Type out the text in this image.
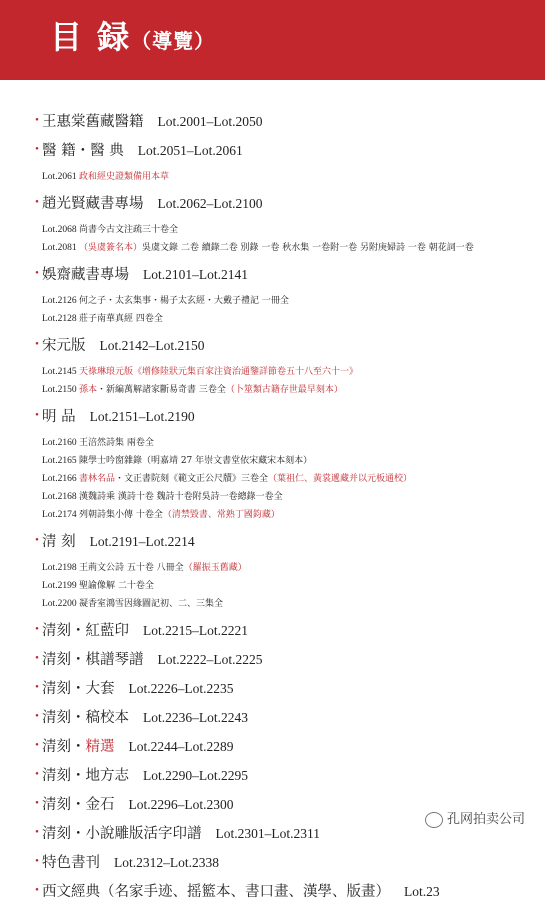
目 録（導覽）
・
王惠棠舊藏醫籍 Lot.2001–Lot.2050
・
醫 籍・醫 典 Lot.2051–Lot.2061
Lot.2061 政和經史證類備用本草
・
趙光賢藏書專場 Lot.2062–Lot.2100
Lot.2068 尚書今古文注疏三十卷全
Lot.2081 （吳虞簽名本）吳虞文錄 二卷 續錄二卷 別錄 一卷 秋水集 一卷附一卷 另附庚婦詩 一卷 朝花詞一卷
・
娛齋藏書專場 Lot.2101–Lot.2141
Lot.2126 何之子・太玄集事・楊子太玄經・大戴子禮記 一冊全
Lot.2128 莊子南華真經 四卷全
・
宋元版 Lot.2142–Lot.2150
Lot.2145 天祿琳琅元版《增修陸狀元集百家注資治通鑒詳節卷五十八至六十一》
Lot.2150 孫本・新編萬解諸家斷易奇書 三卷全（卜筮類古籍存世最早刻本）
・
明 品 Lot.2151–Lot.2190
Lot.2160 王涪然詩集 兩卷全
Lot.2165 陳學士吟窗雜錄（明嘉靖 27 年崇文書堂依宋藏宋本刻本）
Lot.2166 書林名品・文正書院刻《範文正公尺牘》三卷全（葉祖仁、黃裳遞藏并以元板通校）
Lot.2168 漢魏詩乘 漢詩十卷 魏詩十卷附吳詩一卷總錄一卷全
Lot.2174 列朝詩集小傳 十卷全（清禁毀書、常熟丁國鈞藏）
・
清 刻 Lot.2191–Lot.2214
Lot.2198 王荊文公詩 五十卷 八冊全（羅振玉舊藏）
Lot.2199 聖諭像解 二十卷全
Lot.2200 凝香室鴻雪因緣圖記初、二、三集全
・
清刻・紅藍印 Lot.2215–Lot.2221
・
清刻・棋譜琴譜 Lot.2222–Lot.2225
・
清刻・大套 Lot.2226–Lot.2235
・
清刻・稿校本 Lot.2236–Lot.2243
・
清刻・精選 Lot.2244–Lot.2289
・
清刻・地方志 Lot.2290–Lot.2295
・
清刻・金石 Lot.2296–Lot.2300
・
清刻・小說雕版活字印譜 Lot.2301–Lot.2311
・
特色書刊 Lot.2312–Lot.2338
・
西文經典（名家手迹、摇籃本、書口畫、漢學、版畫） Lot.23
孔网拍卖公司
